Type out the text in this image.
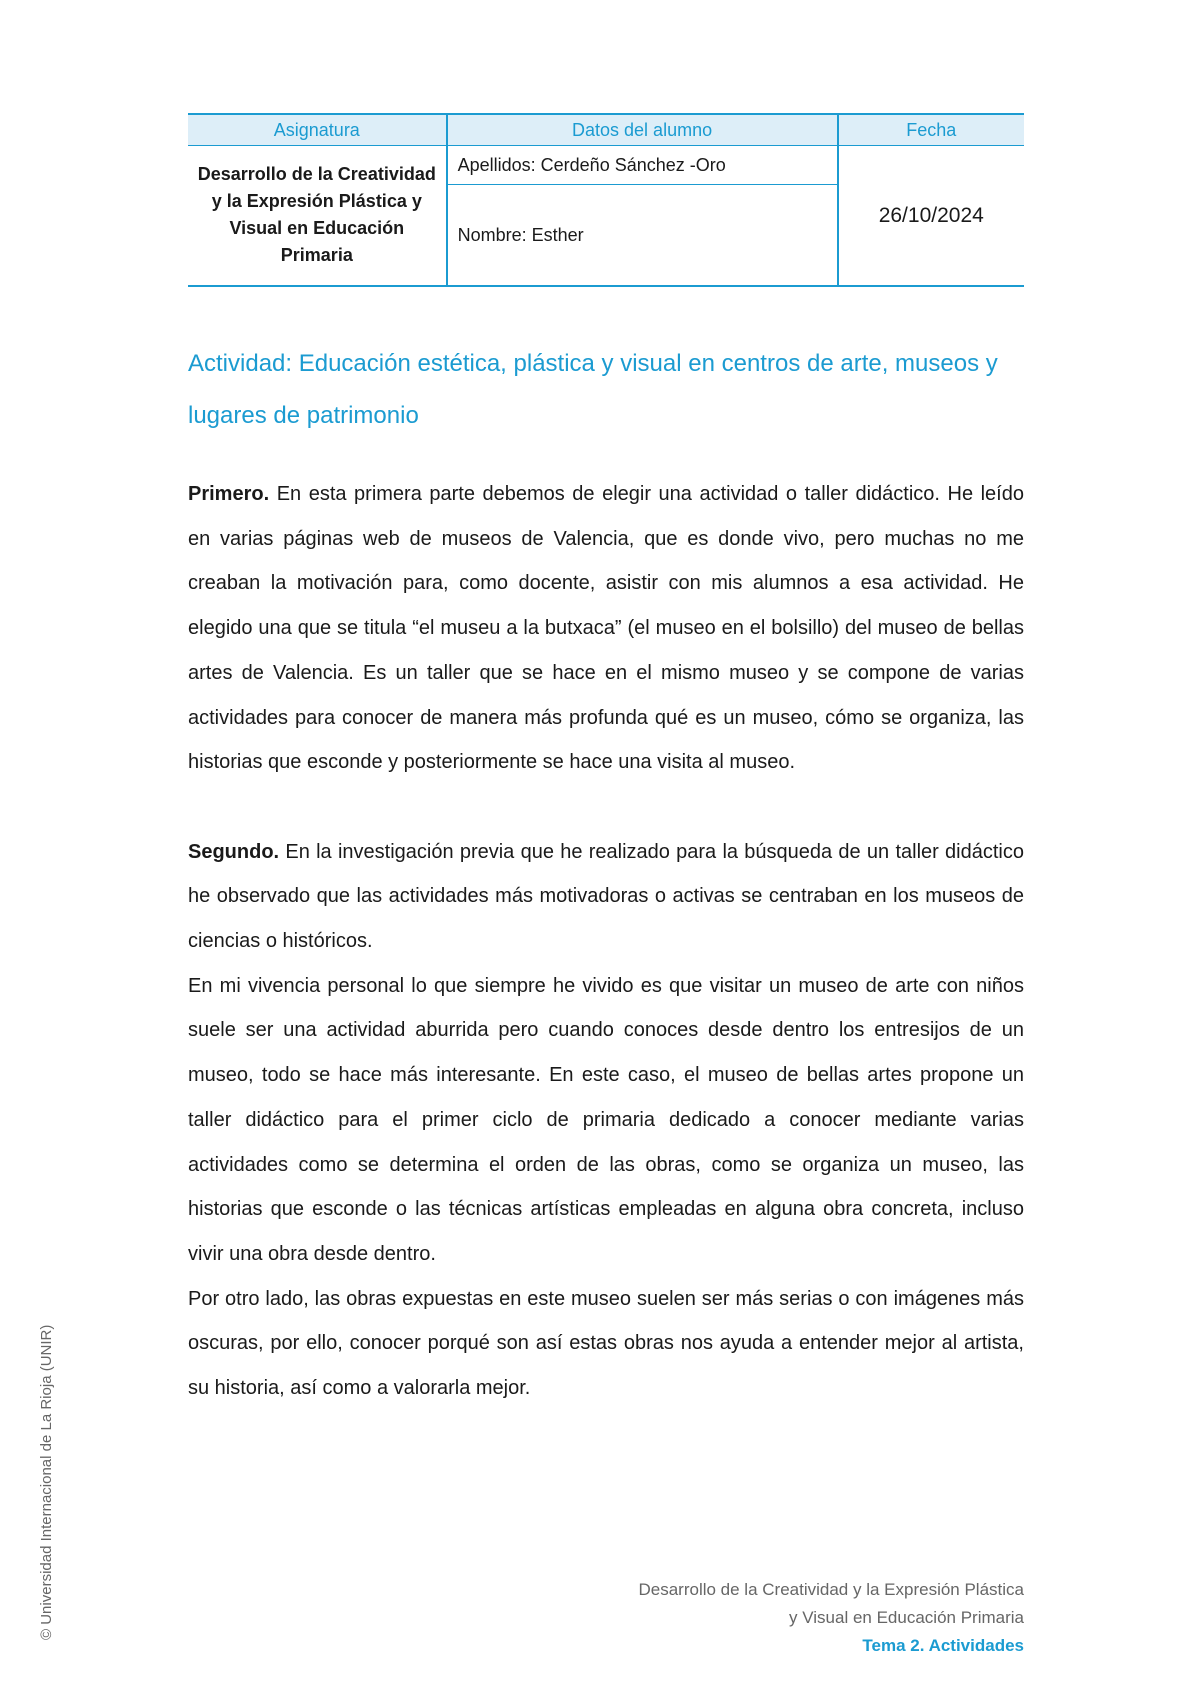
Asignatura	Datos del alumno	Fecha
Desarrollo de la Creatividad y la Expresión Plástica y Visual en Educación Primaria	Apellidos: Cerdeño Sánchez -Oro	26/10/2024
	Nombre: Esther	
Actividad: Educación estética, plástica y visual en centros de arte, museos y lugares de patrimonio

Primero. En esta primera parte debemos de elegir una actividad o taller didáctico. He leído en varias páginas web de museos de Valencia, que es donde vivo, pero muchas no me creaban la motivación para, como docente, asistir con mis alumnos a esa actividad. He elegido una que se titula “el museu a la butxaca” (el museo en el bolsillo) del museo de bellas artes de Valencia. Es un taller que se hace en el mismo museo y se compone de varias actividades para conocer de manera más profunda qué es un museo, cómo se organiza, las historias que esconde y posteriormente se hace una visita al museo.

Segundo. En la investigación previa que he realizado para la búsqueda de un taller didáctico he observado que las actividades más motivadoras o activas se centraban en los museos de ciencias o históricos.

En mi vivencia personal lo que siempre he vivido es que visitar un museo de arte con niños suele ser una actividad aburrida pero cuando conoces desde dentro los entresijos de un museo, todo se hace más interesante. En este caso, el museo de bellas artes propone un taller didáctico para el primer ciclo de primaria dedicado a conocer mediante varias actividades como se determina el orden de las obras, como se organiza un museo, las historias que esconde o las técnicas artísticas empleadas en alguna obra concreta, incluso vivir una obra desde dentro.

Por otro lado, las obras expuestas en este museo suelen ser más serias o con imágenes más oscuras, por ello, conocer porqué son así estas obras nos ayuda a entender mejor al artista, su historia, así como a valorarla mejor.

© Universidad Internacional de La Rioja (UNIR)	Desarrollo de la Creatividad y la Expresión Plástica
y Visual en Educación Primaria
Tema 2. Actividades
